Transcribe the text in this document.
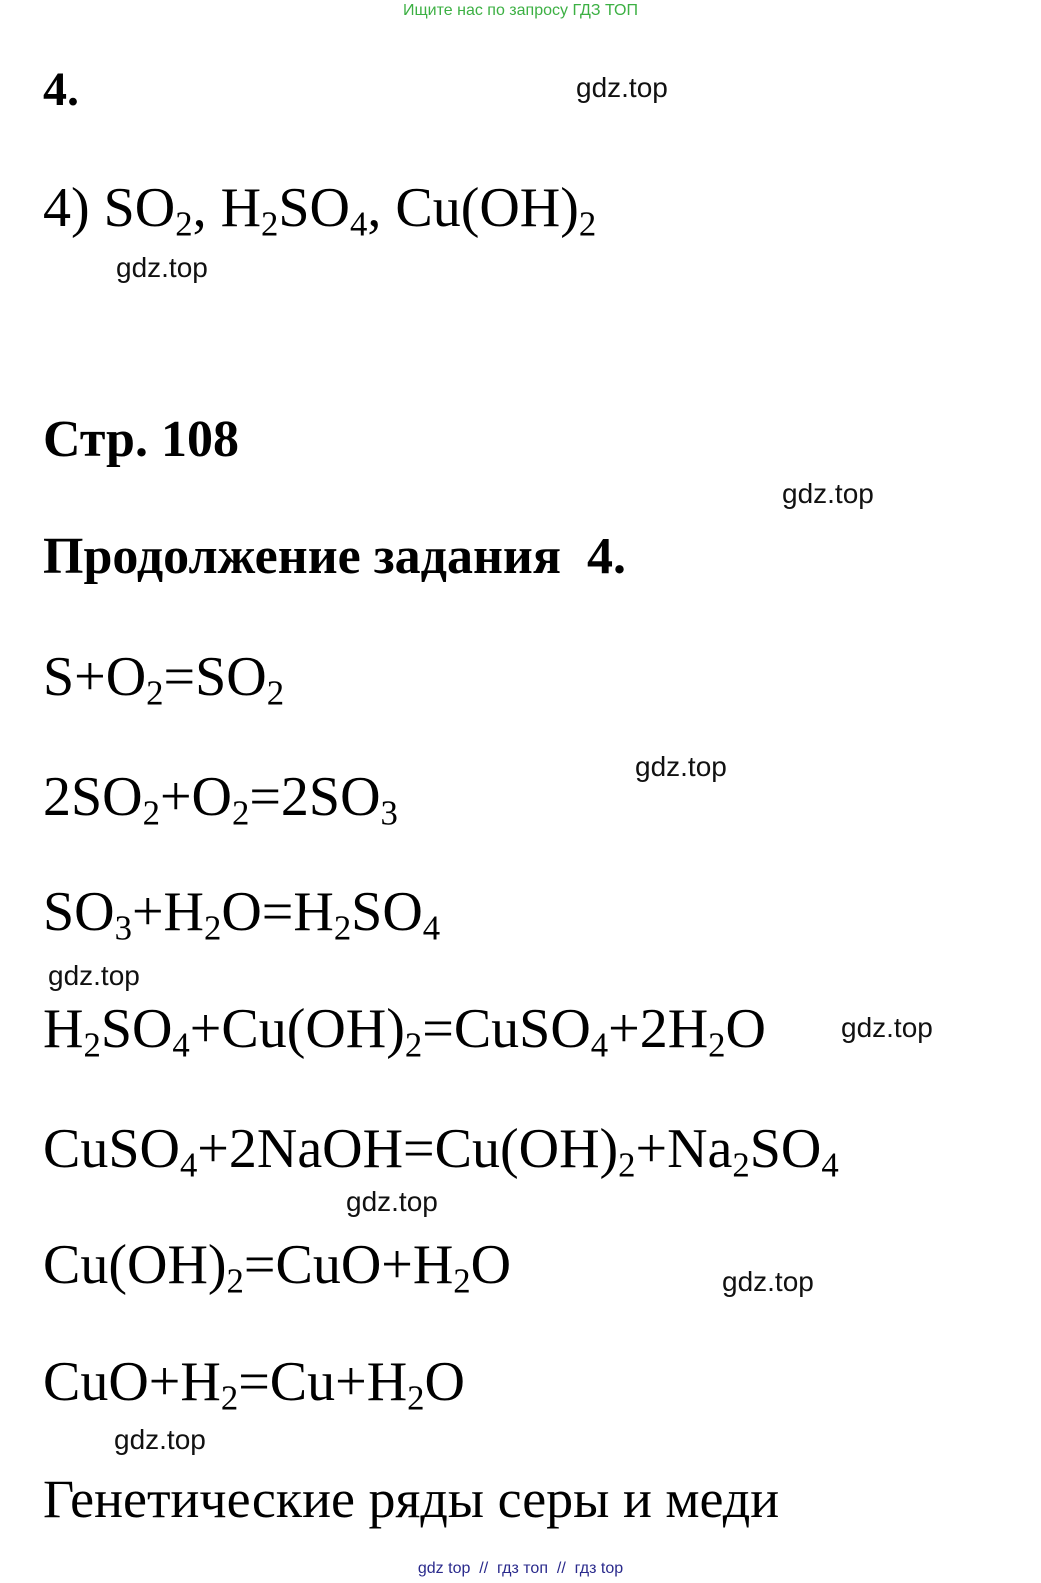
Ищите нас по запросу ГДЗ ТОП
4.
4) $SO_2$, $H_2SO_4$, $Cu(OH)_2$
Стр. 108
Продолжение задания  4.
$S+O_2=SO_2$
$2SO_2+O_2=2SO_3$
$SO_3+H_2O=H_2SO_4$
$H_2SO_4+Cu(OH)_2=CuSO_4+2H_2O$
$CuSO_4+2NaOH=Cu(OH)_2+Na_2SO_4$
$Cu(OH)_2=CuO+H_2O$
$CuO+H_2=Cu+H_2O$
Генетические ряды серы и меди
gdz.top
gdz.top
gdz.top
gdz.top
gdz.top
gdz.top
gdz.top
gdz.top
gdz.top
gdz top  //  гдз топ  //  гдз top
